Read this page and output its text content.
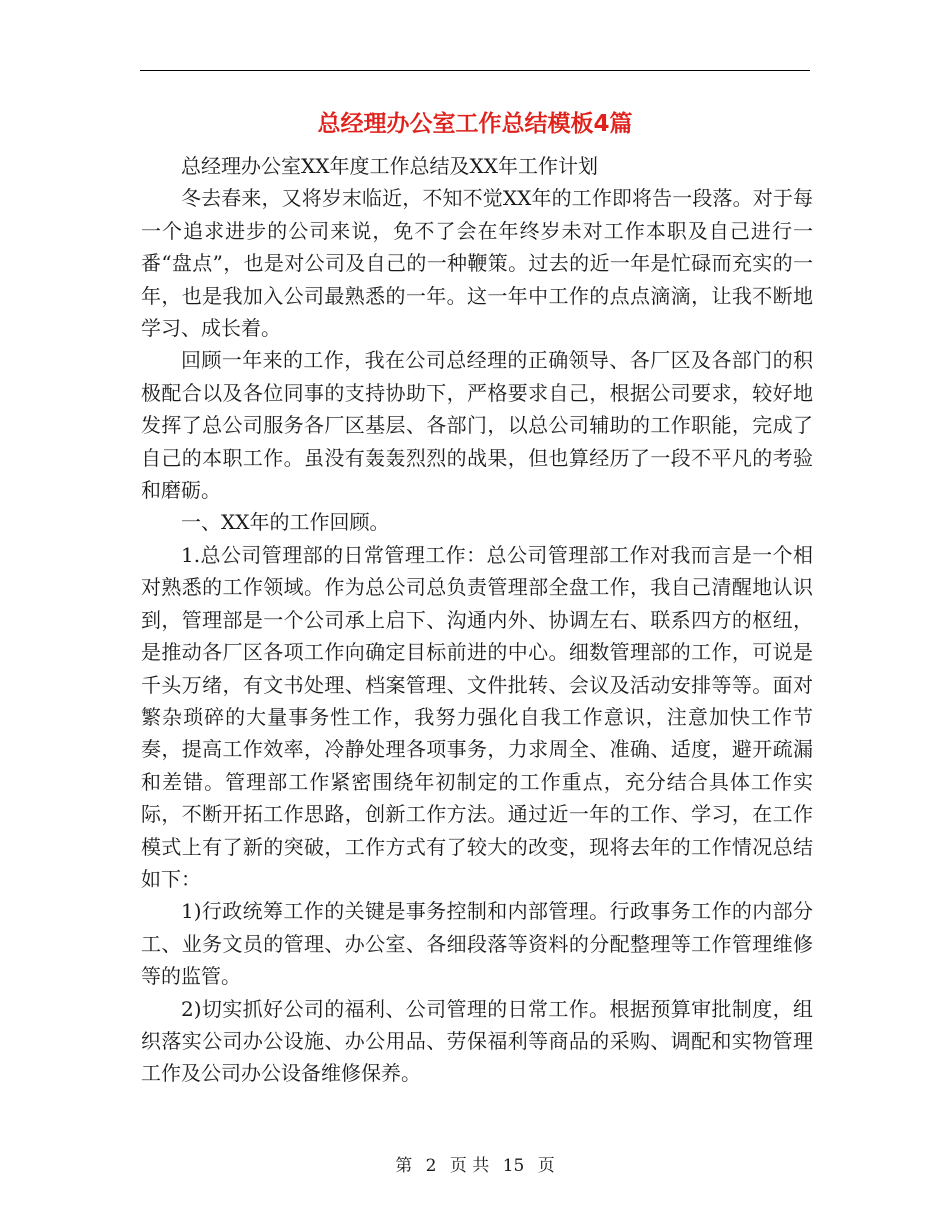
总经理办公室工作总结模板4篇

总经理办公室XX年度工作总结及XX年工作计划

冬去春来，又将岁末临近，不知不觉XX年的工作即将告一段落。对于每一个追求进步的公司来说，免不了会在年终岁未对工作本职及自己进行一番“盘点”，也是对公司及自己的一种鞭策。过去的近一年是忙碌而充实的一年，也是我加入公司最熟悉的一年。这一年中工作的点点滴滴，让我不断地学习、成长着。

回顾一年来的工作，我在公司总经理的正确领导、各厂区及各部门的积极配合以及各位同事的支持协助下，严格要求自己，根据公司要求，较好地发挥了总公司服务各厂区基层、各部门，以总公司辅助的工作职能，完成了自己的本职工作。虽没有轰轰烈烈的战果，但也算经历了一段不平凡的考验和磨砺。

一、XX年的工作回顾。

1.总公司管理部的日常管理工作：总公司管理部工作对我而言是一个相对熟悉的工作领域。作为总公司总负责管理部全盘工作，我自己清醒地认识到，管理部是一个公司承上启下、沟通内外、协调左右、联系四方的枢纽，是推动各厂区各项工作向确定目标前进的中心。细数管理部的工作，可说是千头万绪，有文书处理、档案管理、文件批转、会议及活动安排等等。面对繁杂琐碎的大量事务性工作，我努力强化自我工作意识，注意加快工作节奏，提高工作效率，冷静处理各项事务，力求周全、准确、适度，避开疏漏和差错。管理部工作紧密围绕年初制定的工作重点，充分结合具体工作实际，不断开拓工作思路，创新工作方法。通过近一年的工作、学习，在工作模式上有了新的突破，工作方式有了较大的改变，现将去年的工作情况总结如下：

1)行政统筹工作的关键是事务控制和内部管理。行政事务工作的内部分工、业务文员的管理、办公室、各细段落等资料的分配整理等工作管理维修等的监管。

2)切实抓好公司的福利、公司管理的日常工作。根据预算审批制度，组织落实公司办公设施、办公用品、劳保福利等商品的采购、调配和实物管理工作及公司办公设备维修保养。

第 2 页 共 15 页
